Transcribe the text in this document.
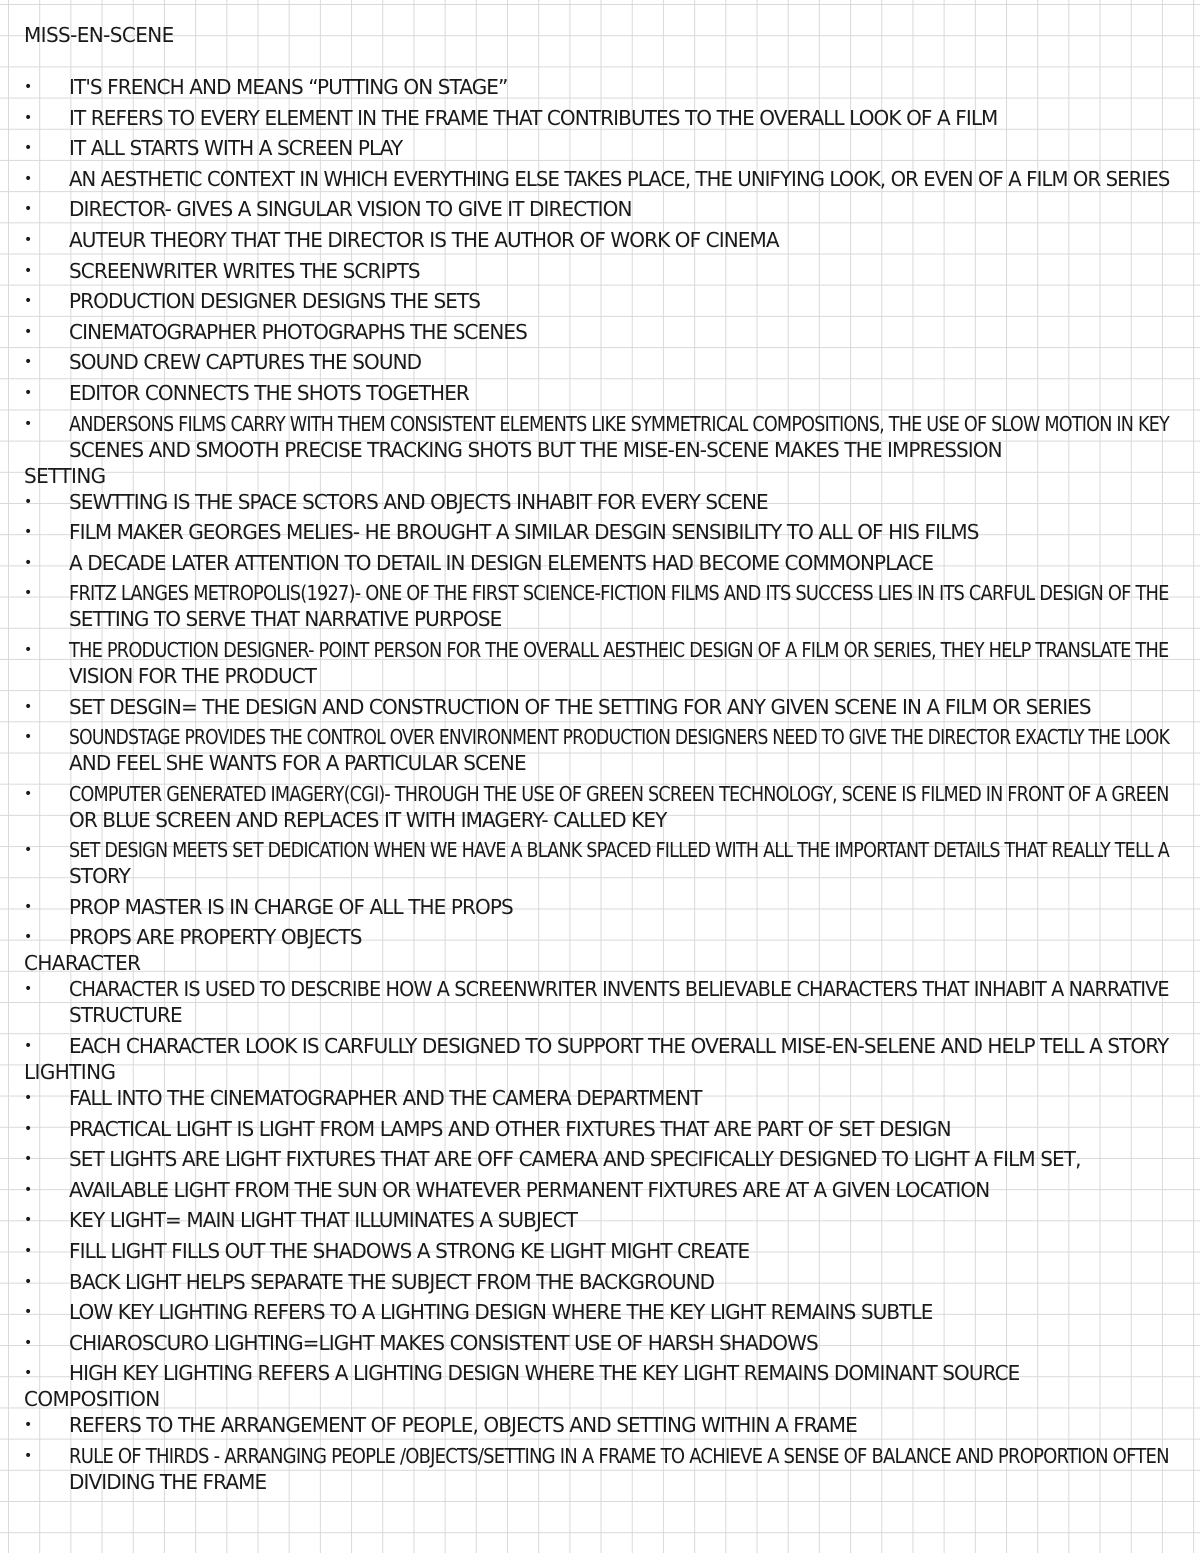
MISS-EN-SCENE
• IT'S FRENCH AND MEANS “PUTTING ON STAGE”
• IT REFERS TO EVERY ELEMENT IN THE FRAME THAT CONTRIBUTES TO THE OVERALL LOOK OF A FILM
• IT ALL STARTS WITH A SCREEN PLAY
• AN AESTHETIC CONTEXT IN WHICH EVERYTHING ELSE TAKES PLACE, THE UNIFYING LOOK, OR EVEN OF A FILM OR SERIES
• DIRECTOR- GIVES A SINGULAR VISION TO GIVE IT DIRECTION
• AUTEUR THEORY THAT THE DIRECTOR IS THE AUTHOR OF WORK OF CINEMA
• SCREENWRITER WRITES THE SCRIPTS
• PRODUCTION DESIGNER DESIGNS THE SETS
• CINEMATOGRAPHER PHOTOGRAPHS THE SCENES
• SOUND CREW CAPTURES THE SOUND
• EDITOR CONNECTS THE SHOTS TOGETHER
• ANDERSONS FILMS CARRY WITH THEM CONSISTENT ELEMENTS LIKE SYMMETRICAL COMPOSITIONS, THE USE OF SLOW MOTION IN KEY
SCENES AND SMOOTH PRECISE TRACKING SHOTS BUT THE MISE-EN-SCENE MAKES THE IMPRESSION
SETTING
• SEWTTING IS THE SPACE SCTORS AND OBJECTS INHABIT FOR EVERY SCENE
• FILM MAKER GEORGES MELIES- HE BROUGHT A SIMILAR DESGIN SENSIBILITY TO ALL OF HIS FILMS
• A DECADE LATER ATTENTION TO DETAIL IN DESIGN ELEMENTS HAD BECOME COMMONPLACE
• FRITZ LANGES METROPOLIS(1927)- ONE OF THE FIRST SCIENCE-FICTION FILMS AND ITS SUCCESS LIES IN ITS CARFUL DESIGN OF THE
SETTING TO SERVE THAT NARRATIVE PURPOSE
• THE PRODUCTION DESIGNER- POINT PERSON FOR THE OVERALL AESTHEIC DESIGN OF A FILM OR SERIES, THEY HELP TRANSLATE THE
VISION FOR THE PRODUCT
• SET DESGIN= THE DESIGN AND CONSTRUCTION OF THE SETTING FOR ANY GIVEN SCENE IN A FILM OR SERIES
• SOUNDSTAGE PROVIDES THE CONTROL OVER ENVIRONMENT PRODUCTION DESIGNERS NEED TO GIVE THE DIRECTOR EXACTLY THE LOOK
AND FEEL SHE WANTS FOR A PARTICULAR SCENE
• COMPUTER GENERATED IMAGERY(CGI)- THROUGH THE USE OF GREEN SCREEN TECHNOLOGY, SCENE IS FILMED IN FRONT OF A GREEN
OR BLUE SCREEN AND REPLACES IT WITH IMAGERY- CALLED KEY
• SET DESIGN MEETS SET DEDICATION WHEN WE HAVE A BLANK SPACED FILLED WITH ALL THE IMPORTANT DETAILS THAT REALLY TELL A
STORY
• PROP MASTER IS IN CHARGE OF ALL THE PROPS
• PROPS ARE PROPERTY OBJECTS
CHARACTER
• CHARACTER IS USED TO DESCRIBE HOW A SCREENWRITER INVENTS BELIEVABLE CHARACTERS THAT INHABIT A NARRATIVE
STRUCTURE
• EACH CHARACTER LOOK IS CARFULLY DESIGNED TO SUPPORT THE OVERALL MISE-EN-SELENE AND HELP TELL A STORY
LIGHTING
• FALL INTO THE CINEMATOGRAPHER AND THE CAMERA DEPARTMENT
• PRACTICAL LIGHT IS LIGHT FROM LAMPS AND OTHER FIXTURES THAT ARE PART OF SET DESIGN
• SET LIGHTS ARE LIGHT FIXTURES THAT ARE OFF CAMERA AND SPECIFICALLY DESIGNED TO LIGHT A FILM SET,
• AVAILABLE LIGHT FROM THE SUN OR WHATEVER PERMANENT FIXTURES ARE AT A GIVEN LOCATION
• KEY LIGHT= MAIN LIGHT THAT ILLUMINATES A SUBJECT
• FILL LIGHT FILLS OUT THE SHADOWS A STRONG KE LIGHT MIGHT CREATE
• BACK LIGHT HELPS SEPARATE THE SUBJECT FROM THE BACKGROUND
• LOW KEY LIGHTING REFERS TO A LIGHTING DESIGN WHERE THE KEY LIGHT REMAINS SUBTLE
• CHIAROSCURO LIGHTING=LIGHT MAKES CONSISTENT USE OF HARSH SHADOWS
• HIGH KEY LIGHTING REFERS A LIGHTING DESIGN WHERE THE KEY LIGHT REMAINS DOMINANT SOURCE
COMPOSITION
• REFERS TO THE ARRANGEMENT OF PEOPLE, OBJECTS AND SETTING WITHIN A FRAME
• RULE OF THIRDS - ARRANGING PEOPLE /OBJECTS/SETTING IN A FRAME TO ACHIEVE A SENSE OF BALANCE AND PROPORTION OFTEN
DIVIDING THE FRAME
